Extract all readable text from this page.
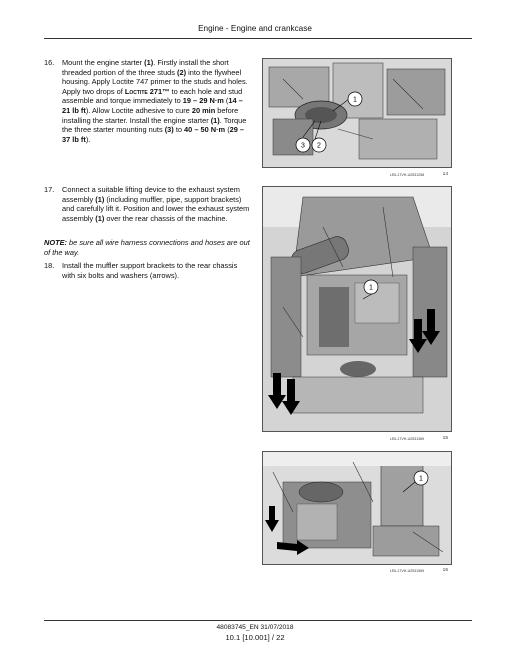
Engine - Engine and crankcase
16.	Mount the engine starter (1). Firstly install the short threaded portion of the three studs (2) into the flywheel housing. Apply Loctite 747 primer to the studs and holes. Apply two drops of Loctite 271™ to each hole and stud assemble and torque immediately to 19 – 29 N·m (14 – 21 lb ft). Allow Loctite adhesive to cure 20 min before installing the starter. Install the engine starter (1). Torque the three starter mounting nuts (3) to 40 – 50 N·m (29 – 37 lb ft).
17.	Connect a suitable lifting device to the exhaust system assembly (1) (including muffler, pipe, support brackets) and carefully lift it. Position and lower the exhaust system assembly (1) over the rear chassis of the machine.
NOTE: be sure all wire harness connections and hoses are out of the way.
18.	Install the muffler support brackets to the rear chassis with six bolts and washers (arrows).
1
3 2
LEIL17VH-U2531258	14
1
LEIL17VH-U2531369	15
1
LEIL17VH-U2531569	16
48083745_EN 31/07/2018
10.1 [10.001] / 22
